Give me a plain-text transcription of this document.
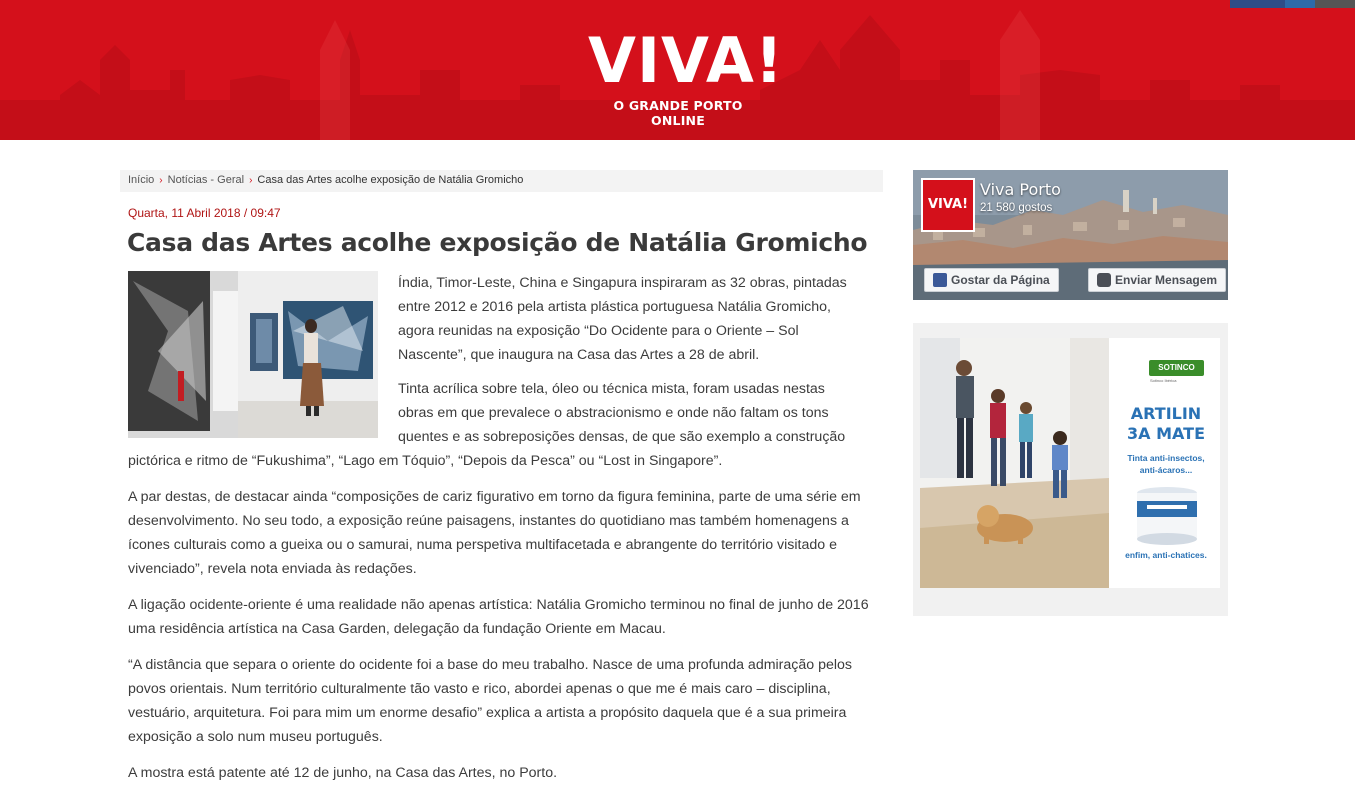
VIVA!
O GRANDE PORTO ONLINE
Início › Notícias - Geral › Casa das Artes acolhe exposição de Natália Gromicho
Quarta, 11 Abril 2018 / 09:47
Casa das Artes acolhe exposição de Natália Gromicho
Índia, Timor-Leste, China e Singapura inspiraram as 32 obras, pintadas
entre 2012 e 2016 pela artista plástica portuguesa Natália Gromicho,
agora reunidas na exposição “Do Ocidente para o Oriente – Sol
Nascente”, que inaugura na Casa das Artes a 28 de abril.
Tinta acrílica sobre tela, óleo ou técnica mista, foram usadas nestas
obras em que prevalece o abstracionismo e onde não faltam os tons
quentes e as sobreposições densas, de que são exemplo a construção
pictórica e ritmo de “Fukushima”, “Lago em Tóquio”, “Depois da Pesca” ou “Lost in Singapore”.
A par destas, de destacar ainda “composições de cariz figurativo em torno da figura feminina, parte de uma série em desenvolvimento. No seu todo, a exposição reúne paisagens, instantes do quotidiano mas também homenagens a ícones culturais como a gueixa ou o samurai, numa perspetiva multifacetada e abrangente do território visitado e vivenciado”, revela nota enviada às redações.
A ligação ocidente-oriente é uma realidade não apenas artística: Natália Gromicho terminou no final de junho de 2016 uma residência artística na Casa Garden, delegação da fundação Oriente em Macau.
“A distância que separa o oriente do ocidente foi a base do meu trabalho. Nasce de uma profunda admiração pelos povos orientais. Num território culturalmente tão vasto e rico, abordei apenas o que me é mais caro – disciplina, vestuário, arquitetura. Foi para mim um enorme desafio” explica a artista a propósito daquela que é a sua primeira exposição a solo num museu português.
A mostra está patente até 12 de junho, na Casa das Artes, no Porto.
VIVA!
Viva Porto
21 580 gostos
Gostar da Página	Enviar Mensagem
SOTINCO
Sotinco Ibérica
ARTILIN
3A MATE
Tinta anti-insectos,
anti-ácaros...
enfim, anti-chatices.
